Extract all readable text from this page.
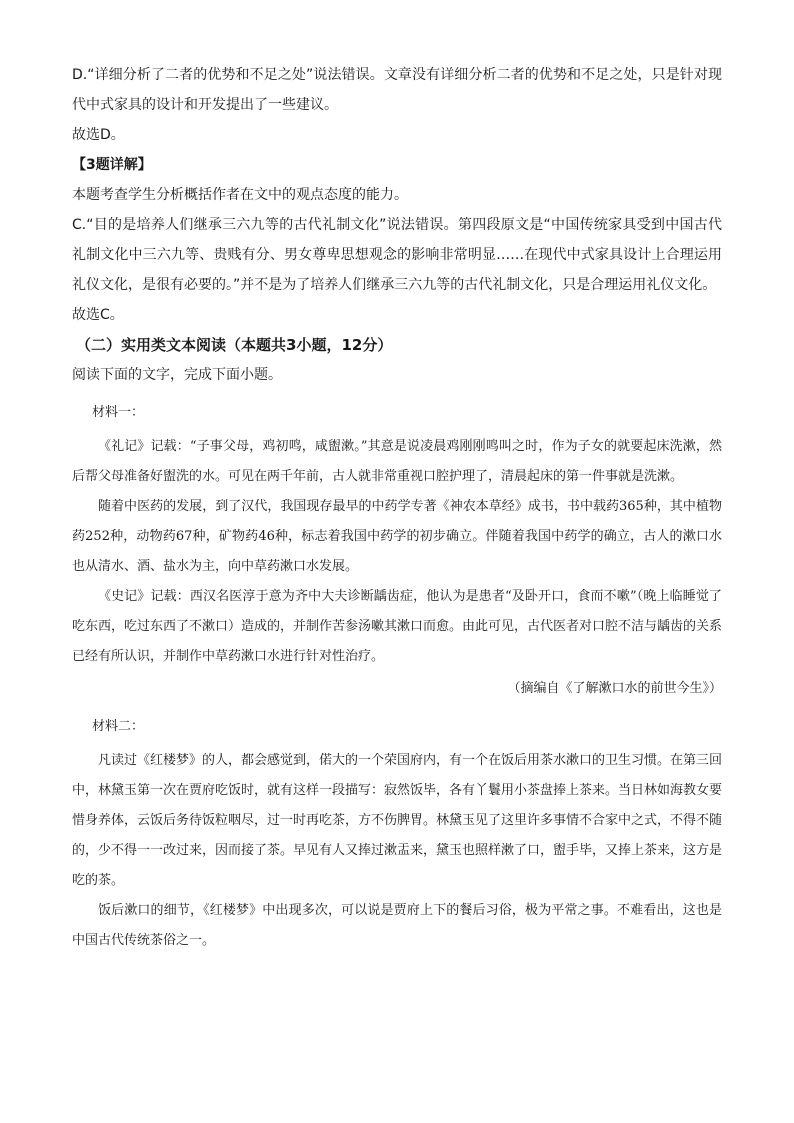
D.“详细分析了二者的优势和不足之处”说法错误。文章没有详细分析二者的优势和不足之处，只是针对现代中式家具的设计和开发提出了一些建议。

故选D。

【3题详解】

本题考查学生分析概括作者在文中的观点态度的能力。

C.“目的是培养人们继承三六九等的古代礼制文化”说法错误。第四段原文是“中国传统家具受到中国古代礼制文化中三六九等、贵贱有分、男女尊卑思想观念的影响非常明显……在现代中式家具设计上合理运用礼仪文化，是很有必要的。”并不是为了培养人们继承三六九等的古代礼制文化，只是合理运用礼仪文化。

故选C。

（二）实用类文本阅读（本题共3小题，12分）

阅读下面的文字，完成下面小题。

材料一：

《礼记》记载：“子事父母，鸡初鸣，咸盥漱。”其意是说凌晨鸡刚刚鸣叫之时，作为子女的就要起床洗漱，然后帮父母准备好盥洗的水。可见在两千年前，古人就非常重视口腔护理了，清晨起床的第一件事就是洗漱。

随着中医药的发展，到了汉代，我国现存最早的中药学专著《神农本草经》成书，书中载药365种，其中植物药252种，动物药67种，矿物药46种，标志着我国中药学的初步确立。伴随着我国中药学的确立，古人的漱口水也从清水、酒、盐水为主，向中草药漱口水发展。

《史记》记载：西汉名医淳于意为齐中大夫诊断龋齿症，他认为是患者“及卧开口，食而不嗽”（晚上临睡觉了吃东西，吃过东西了不漱口）造成的，并制作苦参汤嗽其漱口而愈。由此可见，古代医者对口腔不洁与龋齿的关系已经有所认识，并制作中草药漱口水进行针对性治疗。

（摘编自《了解漱口水的前世今生》）

材料二：

凡读过《红楼梦》的人，都会感觉到，偌大的一个荣国府内，有一个在饭后用茶水漱口的卫生习惯。在第三回中，林黛玉第一次在贾府吃饭时，就有这样一段描写：寂然饭毕，各有丫鬟用小茶盘捧上茶来。当日林如海教女要惜身养体，云饭后务待饭粒咽尽，过一时再吃茶，方不伤脾胃。林黛玉见了这里许多事情不合家中之式，不得不随的，少不得一一改过来，因而接了茶。早见有人又捧过漱盂来，黛玉也照样漱了口，盥手毕，又捧上茶来，这方是吃的茶。

饭后漱口的细节，《红楼梦》中出现多次，可以说是贾府上下的餐后习俗，极为平常之事。不难看出，这也是中国古代传统茶俗之一。
